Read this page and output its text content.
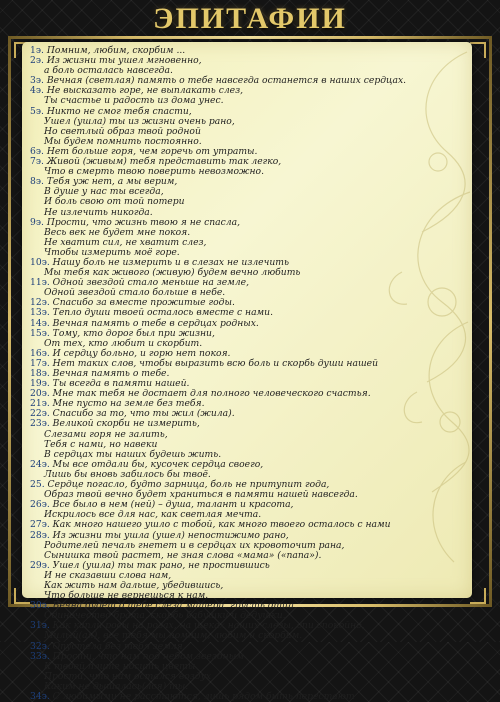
ЭПИТАФИИ
1э. Помним, любим, скорбим ...
2э. Из жизни ты ушел мгновенно,
а боль осталась навсегда.
3э. Вечная (светлая) память о тебе навсегда останется в наших сердцах.
4э. Не высказать горе, не выплакать слез,
Ты счастье и радость из дома унес.
5э. Никто не смог тебя спасти,
Ушел (ушла) ты из жизни очень рано,
Но светлый образ твой родной
Мы будем помнить постоянно.
6э. Нет больше горя, чем горечь от утраты.
7э. Живой (живым) тебя представить так легко,
Что в смерть твою поверить невозможно.
8э. Тебя уж нет, а мы верим,
В душе у нас ты всегда,
И боль свою от той потери
Не излечить никогда.
9э. Прости, что жизнь твою я не спасла,
Весь век не будет мне покоя.
Не хватит сил, не хватит слез,
Чтобы измерить моё горе.
10э. Нашу боль не измерить и в слезах не излечить
Мы тебя как живого (живую) будем вечно любить
11э. Одной звездой стало меньше на земле,
Одной звездой стало больше в небе.
12э. Спасибо за вместе прожитые годы.
13э. Тепло души твоей осталось вместе с нами.
14э. Вечная память о тебе в сердцах родных.
15э. Тому, кто дорог был при жизни,
От тех, кто любит и скорбит.
16э. И сердцу больно, и горю нет покоя.
17э. Нет таких слов, чтобы выразить всю боль и скорбь души нашей
18э. Вечная память о тебе.
19э. Ты всегда в памяти нашей.
20э. Мне так тебя не достает для полного человеческого счастья.
21э. Мне пусто на земле без тебя.
22э. Спасибо за то, что ты жил (жила).
23э. Великой скорби не измерить,
Слезами горя не залить,
Тебя с нами, но навеки
В сердцах ты наших будешь жить.
24э. Мы все отдали бы, кусочек сердца своего,
Лишь бы вновь забилось бы твоё.
25. Сердце погасло, будто зарница, боль не притупит года,
Образ твой вечно будет храниться в памяти нашей навсегда.
26э. Все было в нем (ней) – душа, талант и красота,
Искрилось все для нас, как светлая мечта.
27э. Как много нашего ушло с тобой, как много твоего осталось с нами
28э. Из жизни ты ушла (ушел) непостижимо рано,
Родителей печаль гнетет и в сердцах их кровоточит рана,
Сынишка твой растет, не зная слова «мама» («папа»).
29э. Ушел (ушла) ты так рано, не простившись
И не сказавши слова нам,
Как жить нам дальше, убедившись,
Что больше не вернешься к нам.
30э. Вечна будет о тебе слеза матери, грусть отца,
Одиночество брата, скорбь бабушки и дедушки.
31э. Как капли росы на розах, на щеках наших слезы, спи спокойно,
Милый(ая), все тебя мы помним, любим и скорбим.
32э. Опустела без тебя земля.
33э. Прости, что нам под небом звездным
К твоей плите носить цветы.
Прости, что нам остался воздух
Каким не дышалась(лся) ты.
34э. С любимыми не расстаются, лишь рядом быть перестают
